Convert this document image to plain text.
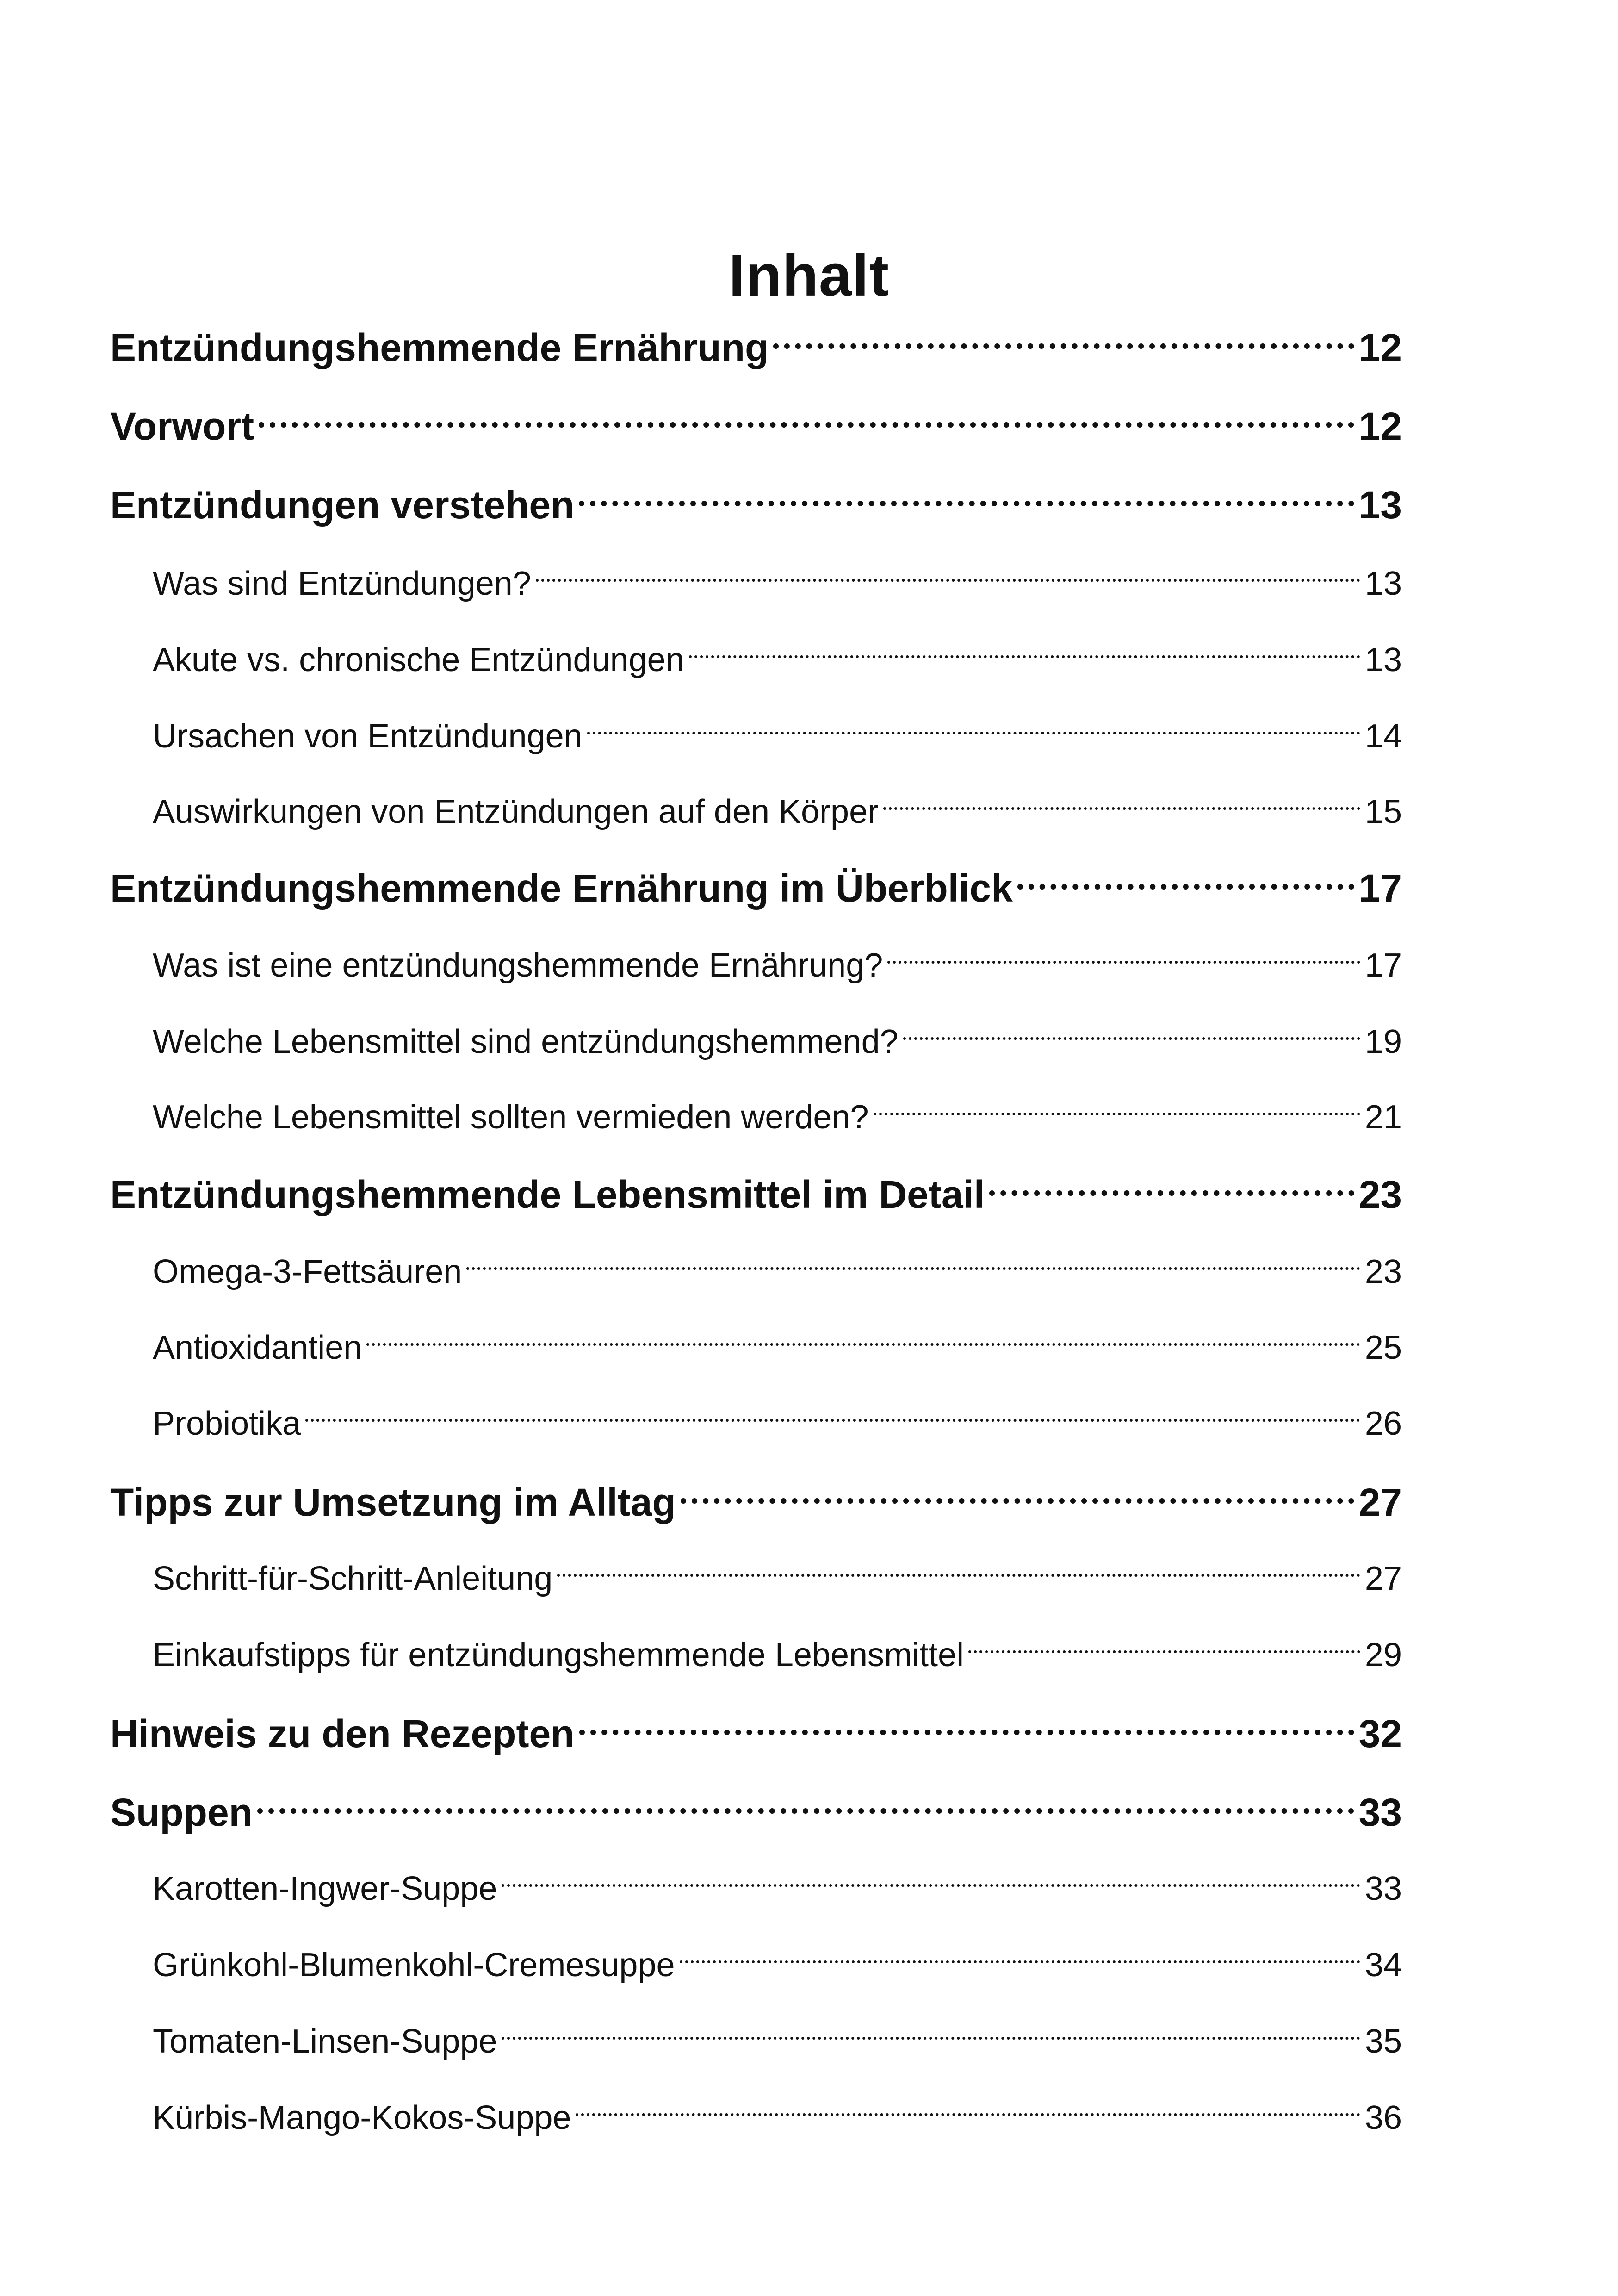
Inhalt
Entzündungshemmende Ernährung	12
Vorwort	12
Entzündungen verstehen	13
Was sind Entzündungen?	13
Akute vs. chronische Entzündungen	13
Ursachen von Entzündungen	14
Auswirkungen von Entzündungen auf den Körper	15
Entzündungshemmende Ernährung im Überblick	17
Was ist eine entzündungshemmende Ernährung?	17
Welche Lebensmittel sind entzündungshemmend?	19
Welche Lebensmittel sollten vermieden werden?	21
Entzündungshemmende Lebensmittel im Detail	23
Omega-3-Fettsäuren	23
Antioxidantien	25
Probiotika	26
Tipps zur Umsetzung im Alltag	27
Schritt-für-Schritt-Anleitung	27
Einkaufstipps für entzündungshemmende Lebensmittel	29
Hinweis zu den Rezepten	32
Suppen	33
Karotten-Ingwer-Suppe	33
Grünkohl-Blumenkohl-Cremesuppe	34
Tomaten-Linsen-Suppe	35
Kürbis-Mango-Kokos-Suppe	36
